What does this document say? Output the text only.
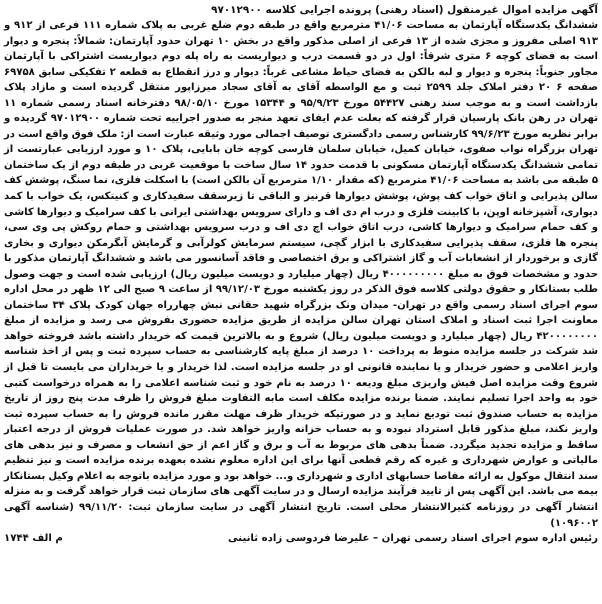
آگهی مزایده اموال غیرمنقول (اسناد رهنی) پرونده اجرایی کلاسه ۹۷۰۱۲۹۰۰
ششدانگ یکدستگاه آپارتمان به مساحت ۴۱/۰۶ مترمربع واقع در طبقه دوم ضلع غربی به پلاک شماره ۱۱۱ فرعی از ۹۱۲ و ۹۱۳ اصلی مفروز و مجزی شده از ۱۳ فرعی از اصلی مذکور واقع در بخش ۱۰ تهران حدود آپارتمان: شمالاً: پنجره و دیوار است به فضای کوچه ۶ متری شرقاً: اول در دو قسمت درب و دیواریست به راه پله دوم دیواریست اشتراکی با آپارتمان مجاور جنوباً: پنجره و دیوار و لبه بالکن به فضای حیاط مشاعی غرباً: دیوار و درز انقطاع به قطعه ۲ تفکیکی سابق ۶۹۷۵۸ صفحه ۶ ۲۰ دفتر املاک جلد ۲۵۹۹ ثبت و مع الواسطه آقای به آقای سجاد میرزاپور منتقل گردیده است و مازاد پلاک بازداشت است و به موجب سند رهنی ۵۴۴۲۷ مورخ ۹۵/۹/۲۳ و ۱۵۳۴۴ مورخ ۹۸/۰۵/۱۰ دفترخانه اسناد رسمی شماره ۱۱ تهران در رهن بانک پارسیان قرار گرفته که بعلت عدم ایفای تعهد منجر به صدور اجراییه تحت شماره ۹۷۰۱۲۹۰۰ گردیده و برابر نظریه مورخ ۹۹/۶/۲۳ کارشناس رسمی دادگستری توصیف اجمالی مورد وثیقه عبارت است از: ملک فوق واقع است در تهران بزرگراه نواب صفوی، خیابان کمیل، خیابان سلمان فارسی کوچه خان بابایی، پلاک ۱۰ و مورد ارزیابی عبارتست از تمامی ششدانگ یکدستگاه آپارتمان مسکونی با قدمت حدود ۱۴ سال ساخت با موقعیت غربی در طبقه دوم از یک ساختمان ۵ طبقه می باشد به مساحت ۴۱/۰۶ مترمربع (که مقدار ۱/۱۰ مترمربع آن بالکن است) با اسکلت فلزی، نما سنگ، پوشش کف سالن پذیرایی و اتاق خواب کف پوش، پوشش دیوارها قرنیز و الباقی تا زیرسقف سفیدکاری و کنیتکس، یک خواب با کمد دیواری، آشپزخانه اوپن، با کابینت فلزی و درب ام دی اف و دارای سرویس بهداشتی ایرانی با کف سرامیک و دیوارها کاشی و کف حمام سرامیک و دیوارها کاشی، درب اتاق خواب اچ دی اف و درب سرویس بهداشتی و حمام روکش پی وی سی، پنجره ها فلزی، سقف پذیرایی سفیدکاری با ابزار گچی، سیستم سرمایش کولرآبی و گرمایش آبگرمکن دیواری و بخاری گازی و برخوردار از انشعابات آب و گاز اشتراکی و برق اختصاصی و فاقد آسانسور می باشد و ششدانگ آپارتمان مذکور با حدود و مشخصات فوق به مبلغ ۴۰۰۰۰۰۰۰۰۰ ریال (چهار میلیارد و دویست میلیون ریال) ارزیابی شده است و جهت وصول طلب بستانکار و حقوق دولتی کلاسه فوق الذکر در روز یکشنبه مورخ ۹۹/۱۲/۰۳ از ساعت ۹ صبح الی ۱۲ ظهر در محل اداره سوم اجرای اسناد رسمی واقع در تهران- میدان ونک بزرگراه شهید حقانی نبش چهارراه جهان کودک پلاک ۳۴ ساختمان معاونت اجرا ثبت اسناد و املاک استان تهران سالن مزایده از طریق مزایده حضوری بفروش می رسد و مزایده از مبلغ ۴۲۰۰۰۰۰۰۰۰ ریال (چهار میلیارد و دویست میلیون ریال) شروع و به بالاترین قیمت که خریدار داشته باشد فروخته خواهد شد شرکت در جلسه مزایده منوط به پرداخت ۱۰ درصد از مبلغ پایه کارشناسی به حساب سپرده ثبت و پس از اخذ شناسه واریز اعلامی و حضور خریدار و یا نماینده قانونی او در جلسه مزایده است. لذا خریدار و یا خریداران می بایست تا قبل از شروع وقت مزایده اصل فیش واریزی مبلغ ودیعه ۱۰ درصد به نام خود و ثبت شناسه اعلامی را به همراه درخواست کتبی خود به واحد اجرا تسلیم نمایند. ضمنا برنده مزایده مکلف است مابه التفاوت مبلغ فروش را ظرف مدت پنج روز از تاریخ مزایده به حساب صندوق ثبت تودیع نماید و در صورتیکه خریدار ظرف مهلت مقرر مانده فروش را به حساب سپرده ثبت واریز نکند، مبلغ مذکور قابل استرداد نبوده و به حساب خزانه واریز خواهد شد. در صورت عملیات فروش از درجه اعتبار ساقط و مزایده تجدید میگردد. ضمناً بدهی های مربوط به آب و برق و گاز اعم از حق انشعاب و مصرف و نیز بدهی های مالیاتی و عوارض شهرداری و غیره که رقم قطعی آنها برای این اداره معلوم نشده بعهده برنده مزایده است و نیز تنظیم سند انتقال موکول به ارائه مفاصا حسابهای اداری و شهرداری و... خواهد بود و مورد مزایده باتوجه به اعلام وکیل بستانکار بیمه می باشد. این آگهی پس از تایید فرآیند مزایده ارسال و در سایت آگهی های سازمان ثبت قرار خواهد گرفت و به منزله انتشار آگهی در روزنامه کثیرالانتشار محلی است. تاریخ انتشار آگهی در سایت سازمان ثبت: ۹۹/۱۱/۲۰ (شناسه آگهی ۱۰۹۶۰۰۲)
رئیس اداره سوم اجرای اسناد رسمی تهران – علیرضا فردوسی زاده ثانینی
م الف ۱۷۴۴
